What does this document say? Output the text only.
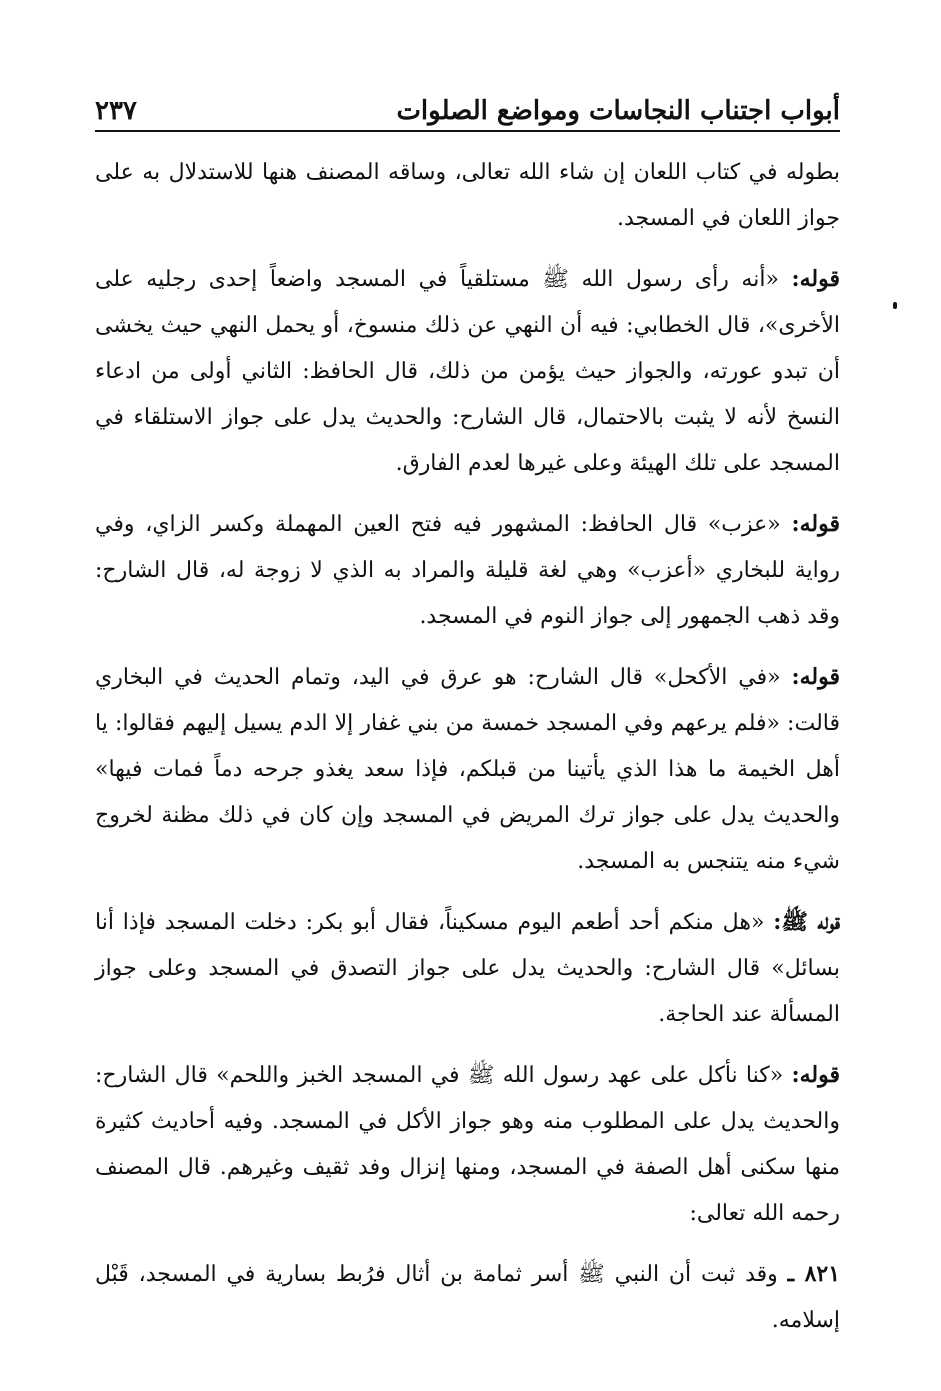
أبواب اجتناب النجاسات ومواضع الصلوات
٢٣٧

بطوله في كتاب اللعان إن شاء الله تعالى، وساقه المصنف هنها للاستدلال به على جواز اللعان في المسجد.

قوله: «أنه رأى رسول الله ﷺ مستلقياً في المسجد واضعاً إحدى رجليه على الأخرى»، قال الخطابي: فيه أن النهي عن ذلك منسوخ، أو يحمل النهي حيث يخشى أن تبدو عورته، والجواز حيث يؤمن من ذلك، قال الحافظ: الثاني أولى من ادعاء النسخ لأنه لا يثبت بالاحتمال، قال الشارح: والحديث يدل على جواز الاستلقاء في المسجد على تلك الهيئة وعلى غيرها لعدم الفارق.

قوله: «عزب» قال الحافظ: المشهور فيه فتح العين المهملة وكسر الزاي، وفي رواية للبخاري «أعزب» وهي لغة قليلة والمراد به الذي لا زوجة له، قال الشارح: وقد ذهب الجمهور إلى جواز النوم في المسجد.

قوله: «في الأكحل» قال الشارح: هو عرق في اليد، وتمام الحديث في البخاري قالت: «فلم يرعهم وفي المسجد خمسة من بني غفار إلا الدم يسيل إليهم فقالوا: يا أهل الخيمة ما هذا الذي يأتينا من قبلكم، فإذا سعد يغذو جرحه دماً فمات فيها» والحديث يدل على جواز ترك المريض في المسجد وإن كان في ذلك مظنة لخروج شيء منه يتنجس به المسجد.

قوله ﷺ: «هل منكم أحد أطعم اليوم مسكيناً، فقال أبو بكر: دخلت المسجد فإذا أنا بسائل» قال الشارح: والحديث يدل على جواز التصدق في المسجد وعلى جواز المسألة عند الحاجة.

قوله: «كنا نأكل على عهد رسول الله ﷺ في المسجد الخبز واللحم» قال الشارح: والحديث يدل على المطلوب منه وهو جواز الأكل في المسجد. وفيه أحاديث كثيرة منها سكنى أهل الصفة في المسجد، ومنها إنزال وفد ثقيف وغيرهم. قال المصنف رحمه الله تعالى:

٨٢١ ـ وقد ثبت أن النبي ﷺ أسر ثمامة بن أثال فرُبط بسارية في المسجد، قَبْل إسلامه.
